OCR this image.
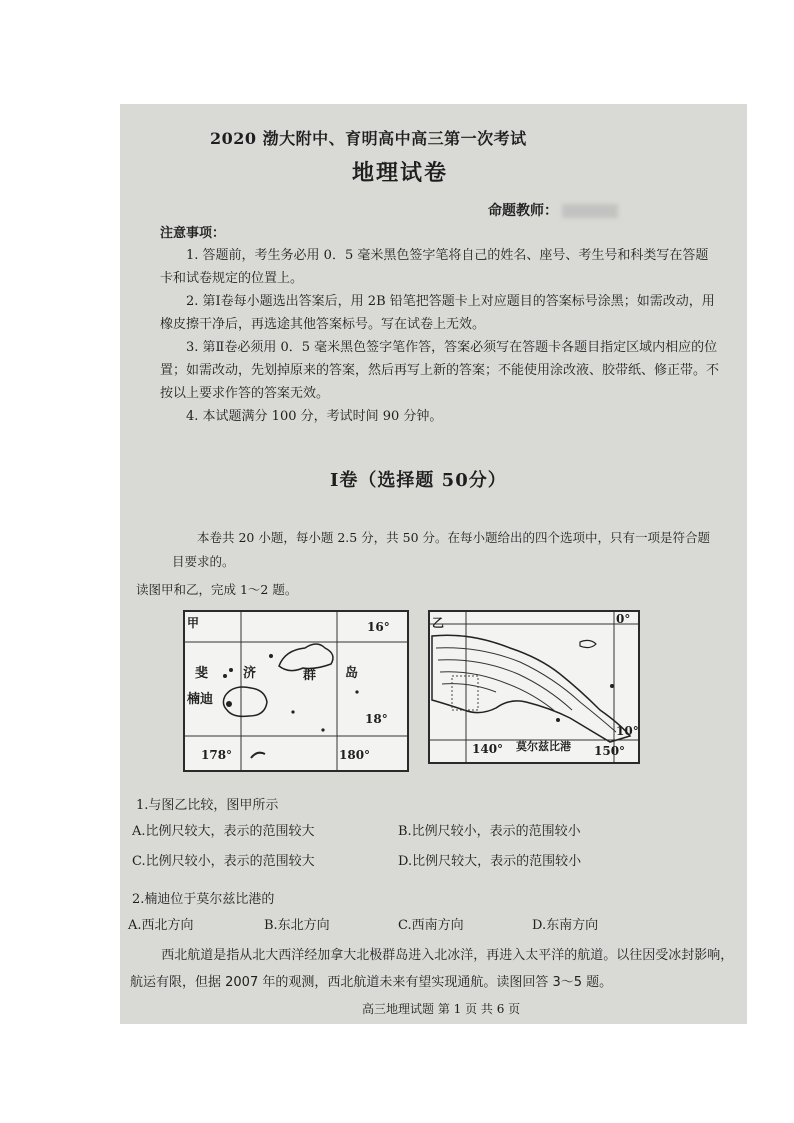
2020 渤大附中、育明高中高三第一次考试
地理试卷
命题教师：
注意事项：
1. 答题前，考生务必用 0．5 毫米黑色签字笔将自己的姓名、座号、考生号和科类写在答题卡和试卷规定的位置上。
2. 第Ⅰ卷每小题选出答案后，用 2B 铅笔把答题卡上对应题目的答案标号涂黑；如需改动，用橡皮擦干净后，再选途其他答案标号。写在试卷上无效。
3. 第Ⅱ卷必须用 0．5 毫米黑色签字笔作答，答案必须写在答题卡各题目指定区域内相应的位置；如需改动，先划掉原来的答案，然后再写上新的答案；不能使用涂改液、胶带纸、修正带。不按以上要求作答的答案无效。
4. 本试题满分 100 分，考试时间 90 分钟。
Ⅰ卷（选择题 50分）
本卷共 20 小题，每小题 2.5 分，共 50 分。在每小题给出的四个选项中，只有一项是符合题目要求的。
读图甲和乙，完成 1～2 题。
甲	16°
18°
178°	180°
斐	济	群 岛
楠迪
乙	0°
10°
140°	150°
莫尔兹比港
1.与图乙比较，图甲所示
A.比例尺较大，表示的范围较大	B.比例尺较小，表示的范围较小
C.比例尺较小，表示的范围较大	D.比例尺较大，表示的范围较小
2.楠迪位于莫尔兹比港的
A.西北方向	B.东北方向	C.西南方向	D.东南方向
西北航道是指从北大西洋经加拿大北极群岛进入北冰洋，再进入太平洋的航道。以往因受冰封影响，航运有限，但据 2007 年的观测，西北航道未来有望实现通航。读图回答 3～5 题。
高三地理试题 第 1 页 共 6 页
